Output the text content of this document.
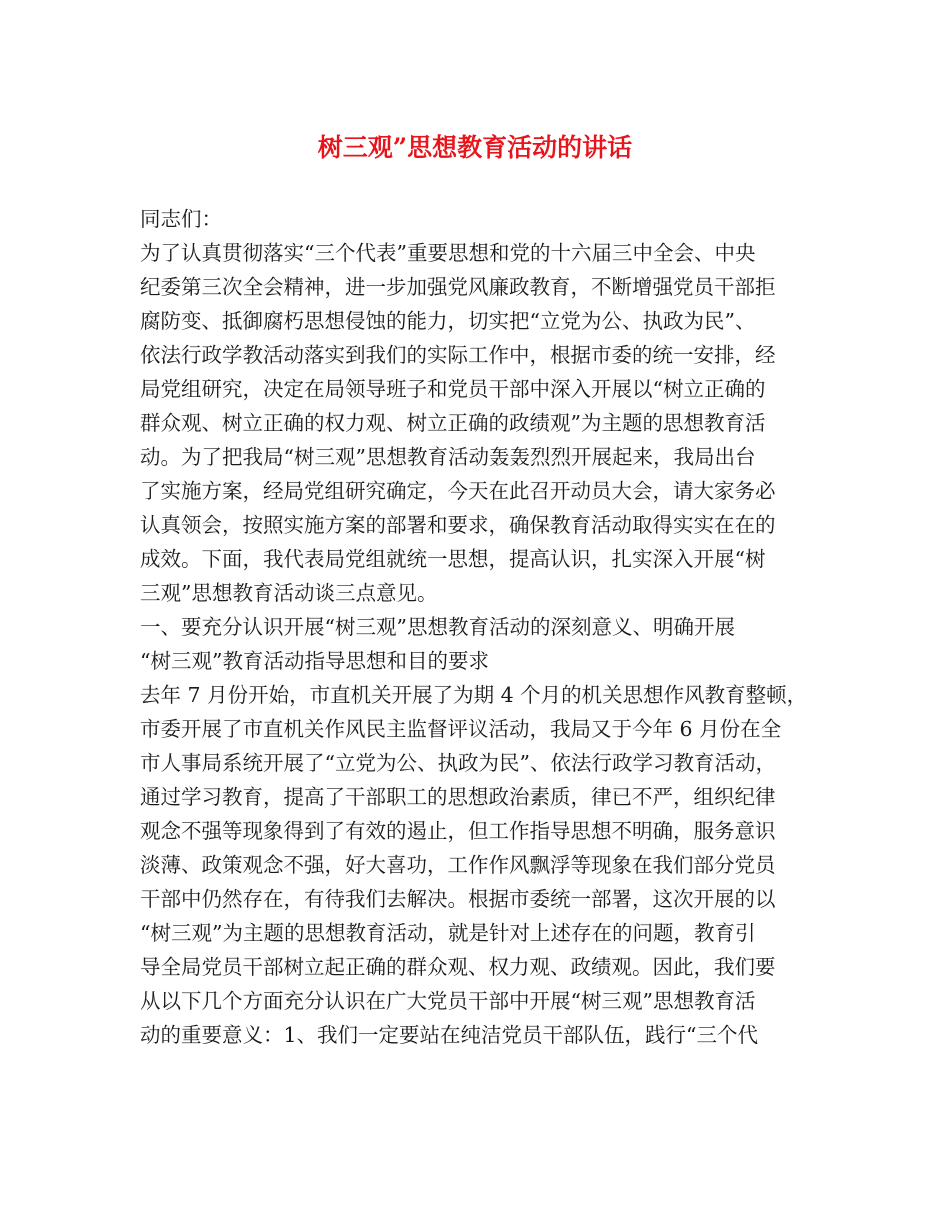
树三观”思想教育活动的讲话
同志们：
为了认真贯彻落实“三个代表”重要思想和党的十六届三中全会、中央
纪委第三次全会精神，进一步加强党风廉政教育，不断增强党员干部拒
腐防变、抵御腐朽思想侵蚀的能力，切实把“立党为公、执政为民”、
依法行政学教活动落实到我们的实际工作中，根据市委的统一安排，经
局党组研究，决定在局领导班子和党员干部中深入开展以“树立正确的
群众观、树立正确的权力观、树立正确的政绩观”为主题的思想教育活
动。为了把我局“树三观”思想教育活动轰轰烈烈开展起来，我局出台
了实施方案，经局党组研究确定，今天在此召开动员大会，请大家务必
认真领会，按照实施方案的部署和要求，确保教育活动取得实实在在的
成效。下面，我代表局党组就统一思想，提高认识，扎实深入开展“树
三观”思想教育活动谈三点意见。
一、要充分认识开展“树三观”思想教育活动的深刻意义、明确开展
“树三观”教育活动指导思想和目的要求
去年 7 月份开始，市直机关开展了为期 4 个月的机关思想作风教育整顿，
市委开展了市直机关作风民主监督评议活动，我局又于今年 6 月份在全
市人事局系统开展了“立党为公、执政为民”、依法行政学习教育活动，
通过学习教育，提高了干部职工的思想政治素质，律已不严，组织纪律
观念不强等现象得到了有效的遏止，但工作指导思想不明确，服务意识
淡薄、政策观念不强，好大喜功，工作作风飘浮等现象在我们部分党员
干部中仍然存在，有待我们去解决。根据市委统一部署，这次开展的以
“树三观”为主题的思想教育活动，就是针对上述存在的问题，教育引
导全局党员干部树立起正确的群众观、权力观、政绩观。因此，我们要
从以下几个方面充分认识在广大党员干部中开展“树三观”思想教育活
动的重要意义：1、我们一定要站在纯洁党员干部队伍，践行“三个代
